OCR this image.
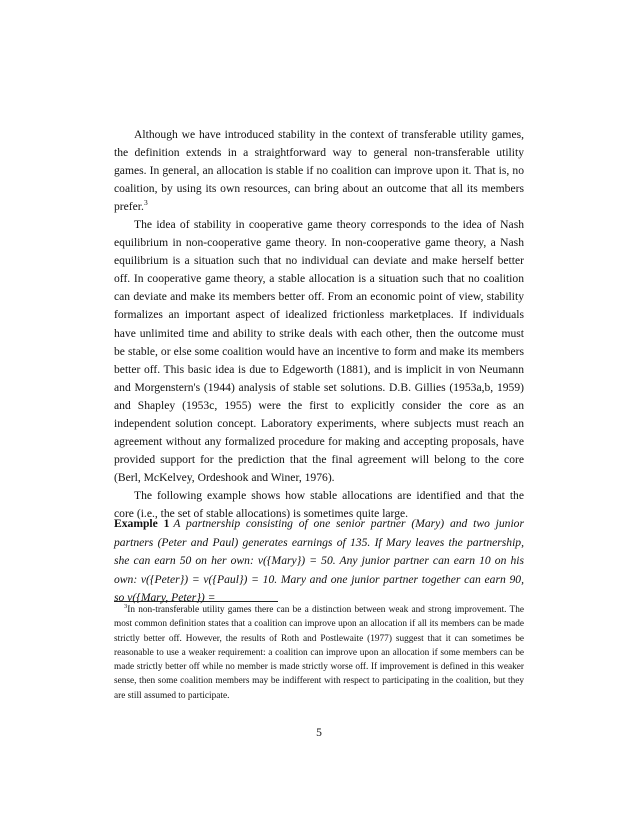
Although we have introduced stability in the context of transferable utility games, the definition extends in a straightforward way to general non-transferable utility games. In general, an allocation is stable if no coalition can improve upon it. That is, no coalition, by using its own resources, can bring about an outcome that all its members prefer.$^3$

The idea of stability in cooperative game theory corresponds to the idea of Nash equilibrium in non-cooperative game theory. In non-cooperative game theory, a Nash equilibrium is a situation such that no individual can deviate and make herself better off. In cooperative game theory, a stable allocation is a situation such that no coalition can deviate and make its members better off. From an economic point of view, stability formalizes an important aspect of idealized frictionless marketplaces. If individuals have unlimited time and ability to strike deals with each other, then the outcome must be stable, or else some coalition would have an incentive to form and make its members better off. This basic idea is due to Edgeworth (1881), and is implicit in von Neumann and Morgenstern's (1944) analysis of stable set solutions. D.B. Gillies (1953a,b, 1959) and Shapley (1953c, 1955) were the first to explicitly consider the core as an independent solution concept. Laboratory experiments, where subjects must reach an agreement without any formalized procedure for making and accepting proposals, have provided support for the prediction that the final agreement will belong to the core (Berl, McKelvey, Ordeshook and Winer, 1976).

The following example shows how stable allocations are identified and that the core (i.e., the set of stable allocations) is sometimes quite large.

Example 1 A partnership consisting of one senior partner (Mary) and two junior partners (Peter and Paul) generates earnings of 135. If Mary leaves the partnership, she can earn 50 on her own: v({Mary}) = 50. Any junior partner can earn 10 on his own: v({Peter}) = v({Paul}) = 10. Mary and one junior partner together can earn 90, so v({Mary, Peter}) =

$^3$In non-transferable utility games there can be a distinction between weak and strong improvement. The most common definition states that a coalition can improve upon an allocation if all its members can be made strictly better off. However, the results of Roth and Postlewaite (1977) suggest that it can sometimes be reasonable to use a weaker requirement: a coalition can improve upon an allocation if some members can be made strictly better off while no member is made strictly worse off. If improvement is defined in this weaker sense, then some coalition members may be indifferent with respect to participating in the coalition, but they are still assumed to participate.

5
